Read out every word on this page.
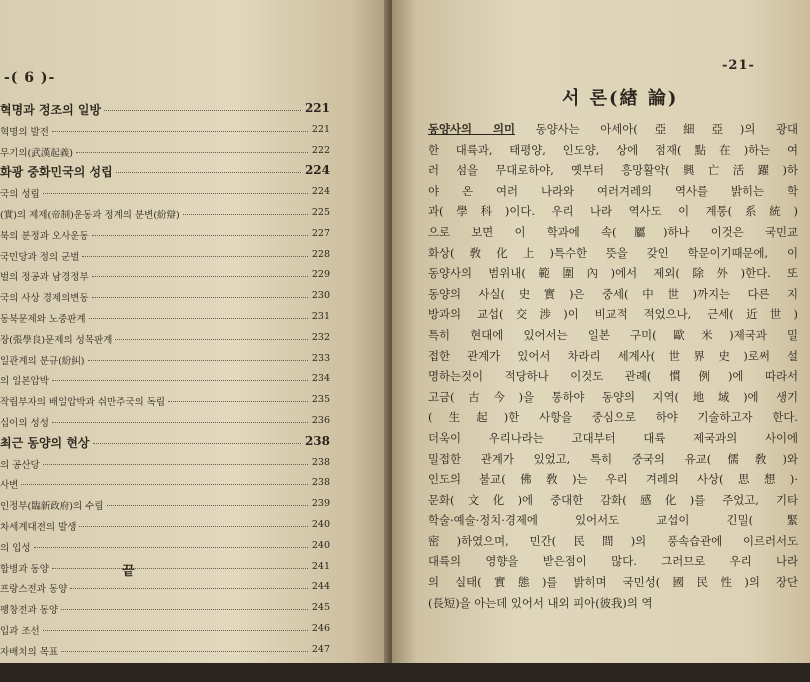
-( 6 )-
혁명과 정조의 일방	221
혁명의 발전	221
무기의(武漢起義)	222
화광 중화민국의 성립	224
국의 성립	224
(實)의 제제(帝制)운동과 정계의 분변(紛辯)	225
북의 분정과 오사운동	227
국민당과 정의 군벌	228
벌의 정공과 남경정부	229
국의 사상 경제의변동	230
동북문제와 노중판계	231
장(張學良)문제의 성목판계	232
일관계의 분규(紛糾)	233
의 일본압박	234
작립부자의 배일압박과 쉬만주국의 독립	235
십이의 성성	236
최근 동양의 현상	238
의 공산당	238
사변	238
인정부(臨新政府)의 수립	239
차세계대전의 발생	240
의 입성	240
합병과 동양	241
프랑스전과 동양	244
팽창전과 동양	245
입과 조선	246
자배치의 목표	247
249
끝
-21-
서 론(緖 論)
동양사의 의미 동양사는 아세아(亞細亞)의 광대
한 대륙과, 태평양, 인도양, 상에 점재(點在)하는 여
러 섬을 무대로하야, 옛부터 흥망활약(興亡活躍)하
야 온 여러 나라와 여러겨레의 역사를 밝히는 학
과(學科)이다. 우리 나라 역사도 이 계통(系統)
으로 보면 이 학과에 속(屬)하나 이것은 국민교
화상(敎化上)특수한 뜻을 갖인 학문이기때문에, 이
동양사의 범위내(範圍內)에서 제외(除外)한다. 또
동양의 사실(史實)은 중세(中世)까지는 다른 지
방과의 교섭(交涉)이 비교적 적었으나, 근세(近世)
특히 현대에 있어서는 일본 구미(歐米)제국과 밀
접한 관계가 있어서 차라리 세계사(世界史)로써 설
명하는것이 적당하나 이것도 관례(慣例)에 따라서
고금(古今)을 통하야 동양의 지역(地域)에 생기
(生起)한 사항을 중심으로 하야 기술하고자 한다.
더욱이 우리나라는 고대부터 대륙 제국과의 사이에
밀접한 관계가 있었고, 특히 중국의 유교(儒敎)와
인도의 불교(佛敎)는 우리 겨레의 사상(思想)·
문화(文化)에 중대한 감화(感化)를 주었고, 기타
학술·예술·정치·경제에 있어서도 교섭이 긴밀(緊
密)하였으며, 민간(民間)의 풍속습관에 이르러서도
대륙의 영향을 받은점이 많다. 그러므로 우리 나라
의 실태(實態)를 밝히며 국민성(國民性)의 장단
(長短)을 아는데 있어서 내외 피아(彼我)의 역
